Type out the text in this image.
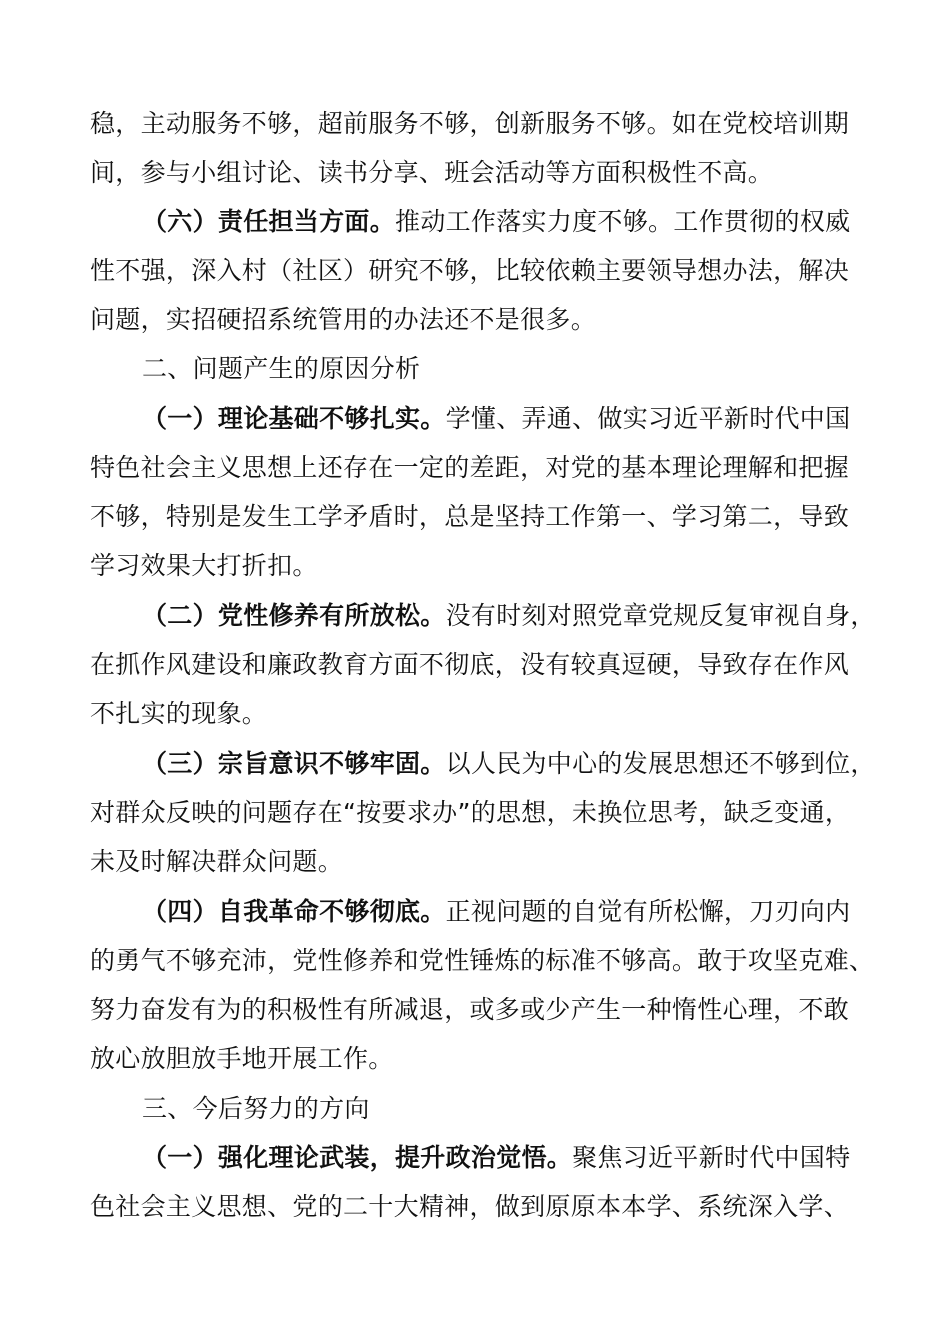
稳，主动服务不够，超前服务不够，创新服务不够。如在党校培训期
间，参与小组讨论、读书分享、班会活动等方面积极性不高。
（六）责任担当方面。推动工作落实力度不够。工作贯彻的权威
性不强，深入村（社区）研究不够，比较依赖主要领导想办法，解决
问题，实招硬招系统管用的办法还不是很多。
二、问题产生的原因分析
（一）理论基础不够扎实。学懂、弄通、做实习近平新时代中国
特色社会主义思想上还存在一定的差距，对党的基本理论理解和把握
不够，特别是发生工学矛盾时，总是坚持工作第一、学习第二，导致
学习效果大打折扣。
（二）党性修养有所放松。没有时刻对照党章党规反复审视自身，
在抓作风建设和廉政教育方面不彻底，没有较真逗硬，导致存在作风
不扎实的现象。
（三）宗旨意识不够牢固。以人民为中心的发展思想还不够到位，
对群众反映的问题存在“按要求办”的思想，未换位思考，缺乏变通，
未及时解决群众问题。
（四）自我革命不够彻底。正视问题的自觉有所松懈，刀刃向内
的勇气不够充沛，党性修养和党性锤炼的标准不够高。敢于攻坚克难、
努力奋发有为的积极性有所减退，或多或少产生一种惰性心理，不敢
放心放胆放手地开展工作。
三、今后努力的方向
（一）强化理论武装，提升政治觉悟。聚焦习近平新时代中国特
色社会主义思想、党的二十大精神，做到原原本本学、系统深入学、
